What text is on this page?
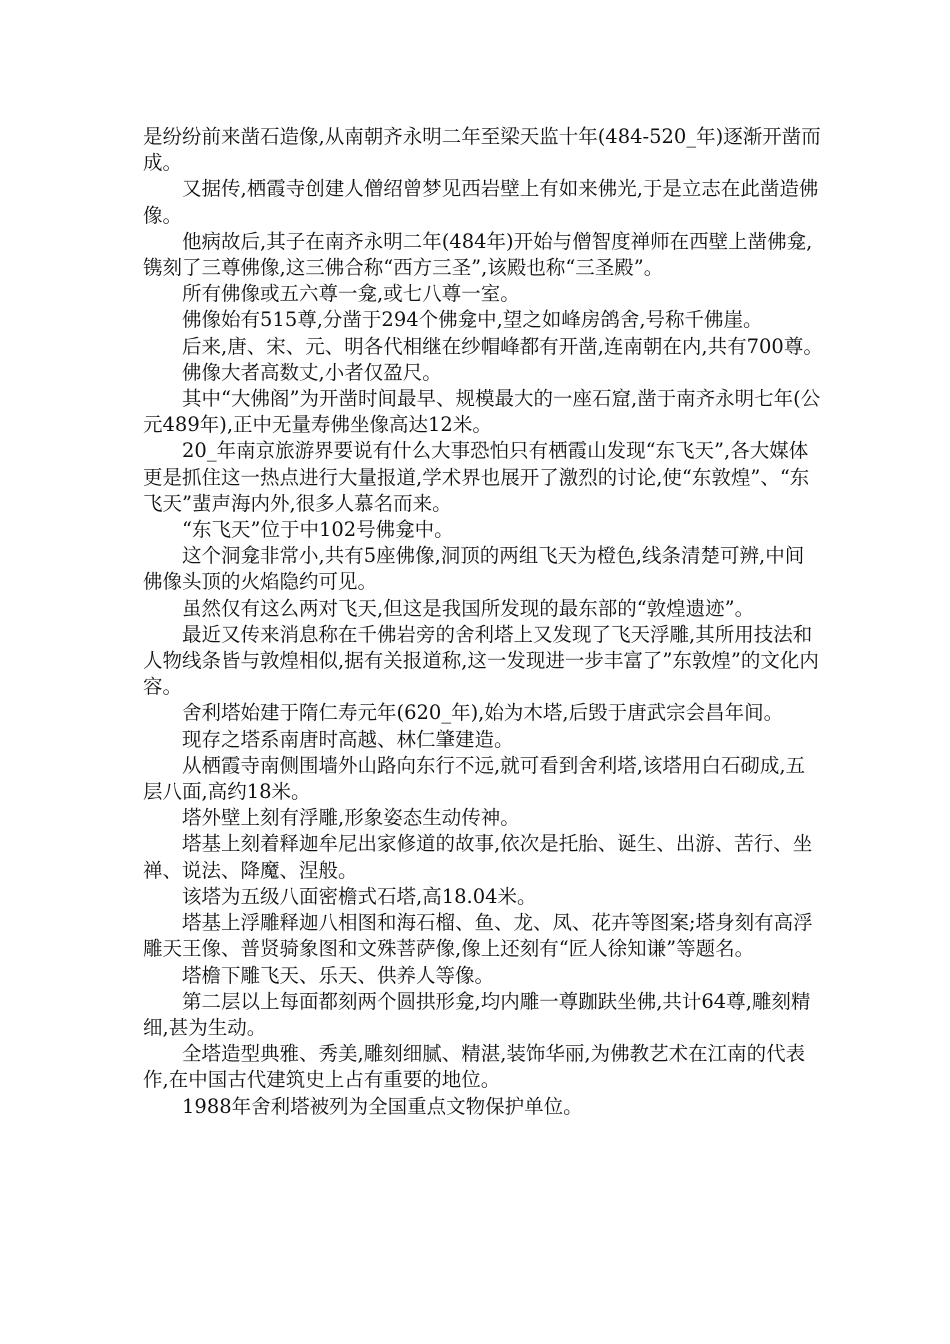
是纷纷前来凿石造像,从南朝齐永明二年至梁天监十年(484-520_年)逐渐开凿而成。

又据传,栖霞寺创建人僧绍曾梦见西岩壁上有如来佛光,于是立志在此凿造佛像。

他病故后,其子在南齐永明二年(484年)开始与僧智度禅师在西壁上凿佛龛,镌刻了三尊佛像,这三佛合称“西方三圣”,该殿也称“三圣殿”。

所有佛像或五六尊一龛,或七八尊一室。

佛像始有515尊,分凿于294个佛龛中,望之如峰房鸽舍,号称千佛崖。

后来,唐、宋、元、明各代相继在纱帽峰都有开凿,连南朝在内,共有700尊。

佛像大者高数丈,小者仅盈尺。

其中“大佛阁”为开凿时间最早、规模最大的一座石窟,凿于南齐永明七年(公元489年),正中无量寿佛坐像高达12米。

20_年南京旅游界要说有什么大事恐怕只有栖霞山发现“东飞天”,各大媒体更是抓住这一热点进行大量报道,学术界也展开了激烈的讨论,使“东敦煌”、“东飞天”蜚声海内外,很多人慕名而来。

“东飞天”位于中102号佛龛中。

这个洞龛非常小,共有5座佛像,洞顶的两组飞天为橙色,线条清楚可辨,中间佛像头顶的火焰隐约可见。

虽然仅有这么两对飞天,但这是我国所发现的最东部的“敦煌遗迹”。

最近又传来消息称在千佛岩旁的舍利塔上又发现了飞天浮雕,其所用技法和人物线条皆与敦煌相似,据有关报道称,这一发现进一步丰富了”东敦煌”的文化内容。

舍利塔始建于隋仁寿元年(620_年),始为木塔,后毁于唐武宗会昌年间。

现存之塔系南唐时高越、林仁肇建造。

从栖霞寺南侧围墙外山路向东行不远,就可看到舍利塔,该塔用白石砌成,五层八面,高约18米。

塔外壁上刻有浮雕,形象姿态生动传神。

塔基上刻着释迦牟尼出家修道的故事,依次是托胎、诞生、出游、苦行、坐禅、说法、降魔、涅般。

该塔为五级八面密檐式石塔,高18.04米。

塔基上浮雕释迦八相图和海石榴、鱼、龙、凤、花卉等图案;塔身刻有高浮雕天王像、普贤骑象图和文殊菩萨像,像上还刻有“匠人徐知谦”等题名。

塔檐下雕飞天、乐天、供养人等像。

第二层以上每面都刻两个圆拱形龛,均内雕一尊跏趺坐佛,共计64尊,雕刻精细,甚为生动。

全塔造型典雅、秀美,雕刻细腻、精湛,装饰华丽,为佛教艺术在江南的代表作,在中国古代建筑史上占有重要的地位。

1988年舍利塔被列为全国重点文物保护单位。
